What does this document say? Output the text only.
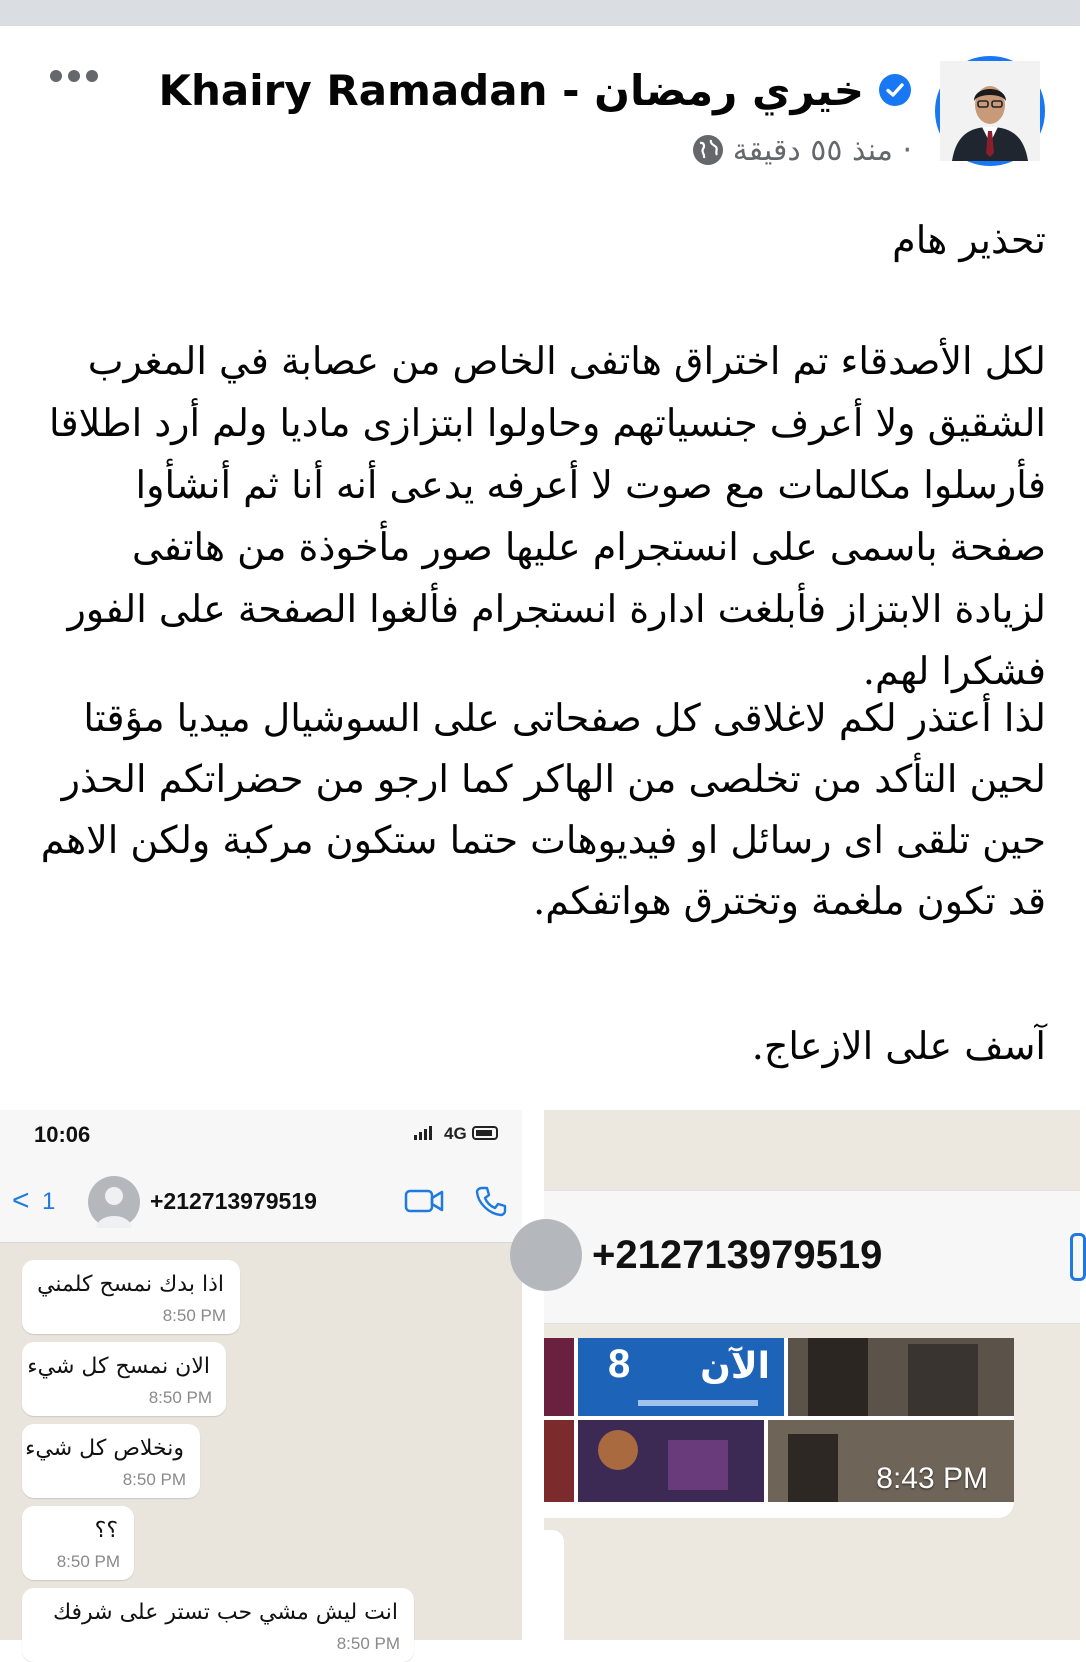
Khairy Ramadan - خيري رمضان
منذ ٥٥ دقيقة ·
تحذير هام
لكل الأصدقاء تم اختراق هاتفى الخاص من عصابة في المغرب الشقيق ولا أعرف جنسياتهم وحاولوا ابتزازى ماديا ولم أرد اطلاقا فأرسلوا مكالمات مع صوت لا أعرفه يدعى أنه أنا ثم أنشأوا صفحة باسمى على انستجرام عليها صور مأخوذة من هاتفى لزيادة الابتزاز فأبلغت ادارة انستجرام فألغوا الصفحة على الفور فشكرا لهم.
لذا أعتذر لكم لاغلاقى كل صفحاتى على السوشيال ميديا مؤقتا لحين التأكد من تخلصى من الهاكر كما ارجو من حضراتكم الحذر حين تلقى اى رسائل او فيديوهات حتما ستكون مركبة ولكن الاهم قد تكون ملغمة وتخترق هواتفكم.
آسف على الازعاج.
10:06	4G
< 1	+212713979519
اذا بدك نمسح كلمني
8:50 PM
الان نمسح كل شيء
8:50 PM
ونخلاص كل شيء
8:50 PM
؟؟
8:50 PM
انت ليش مشي حب تستر على شرفك
8:50 PM
+212713979519
8 الآن
8:43 PM
